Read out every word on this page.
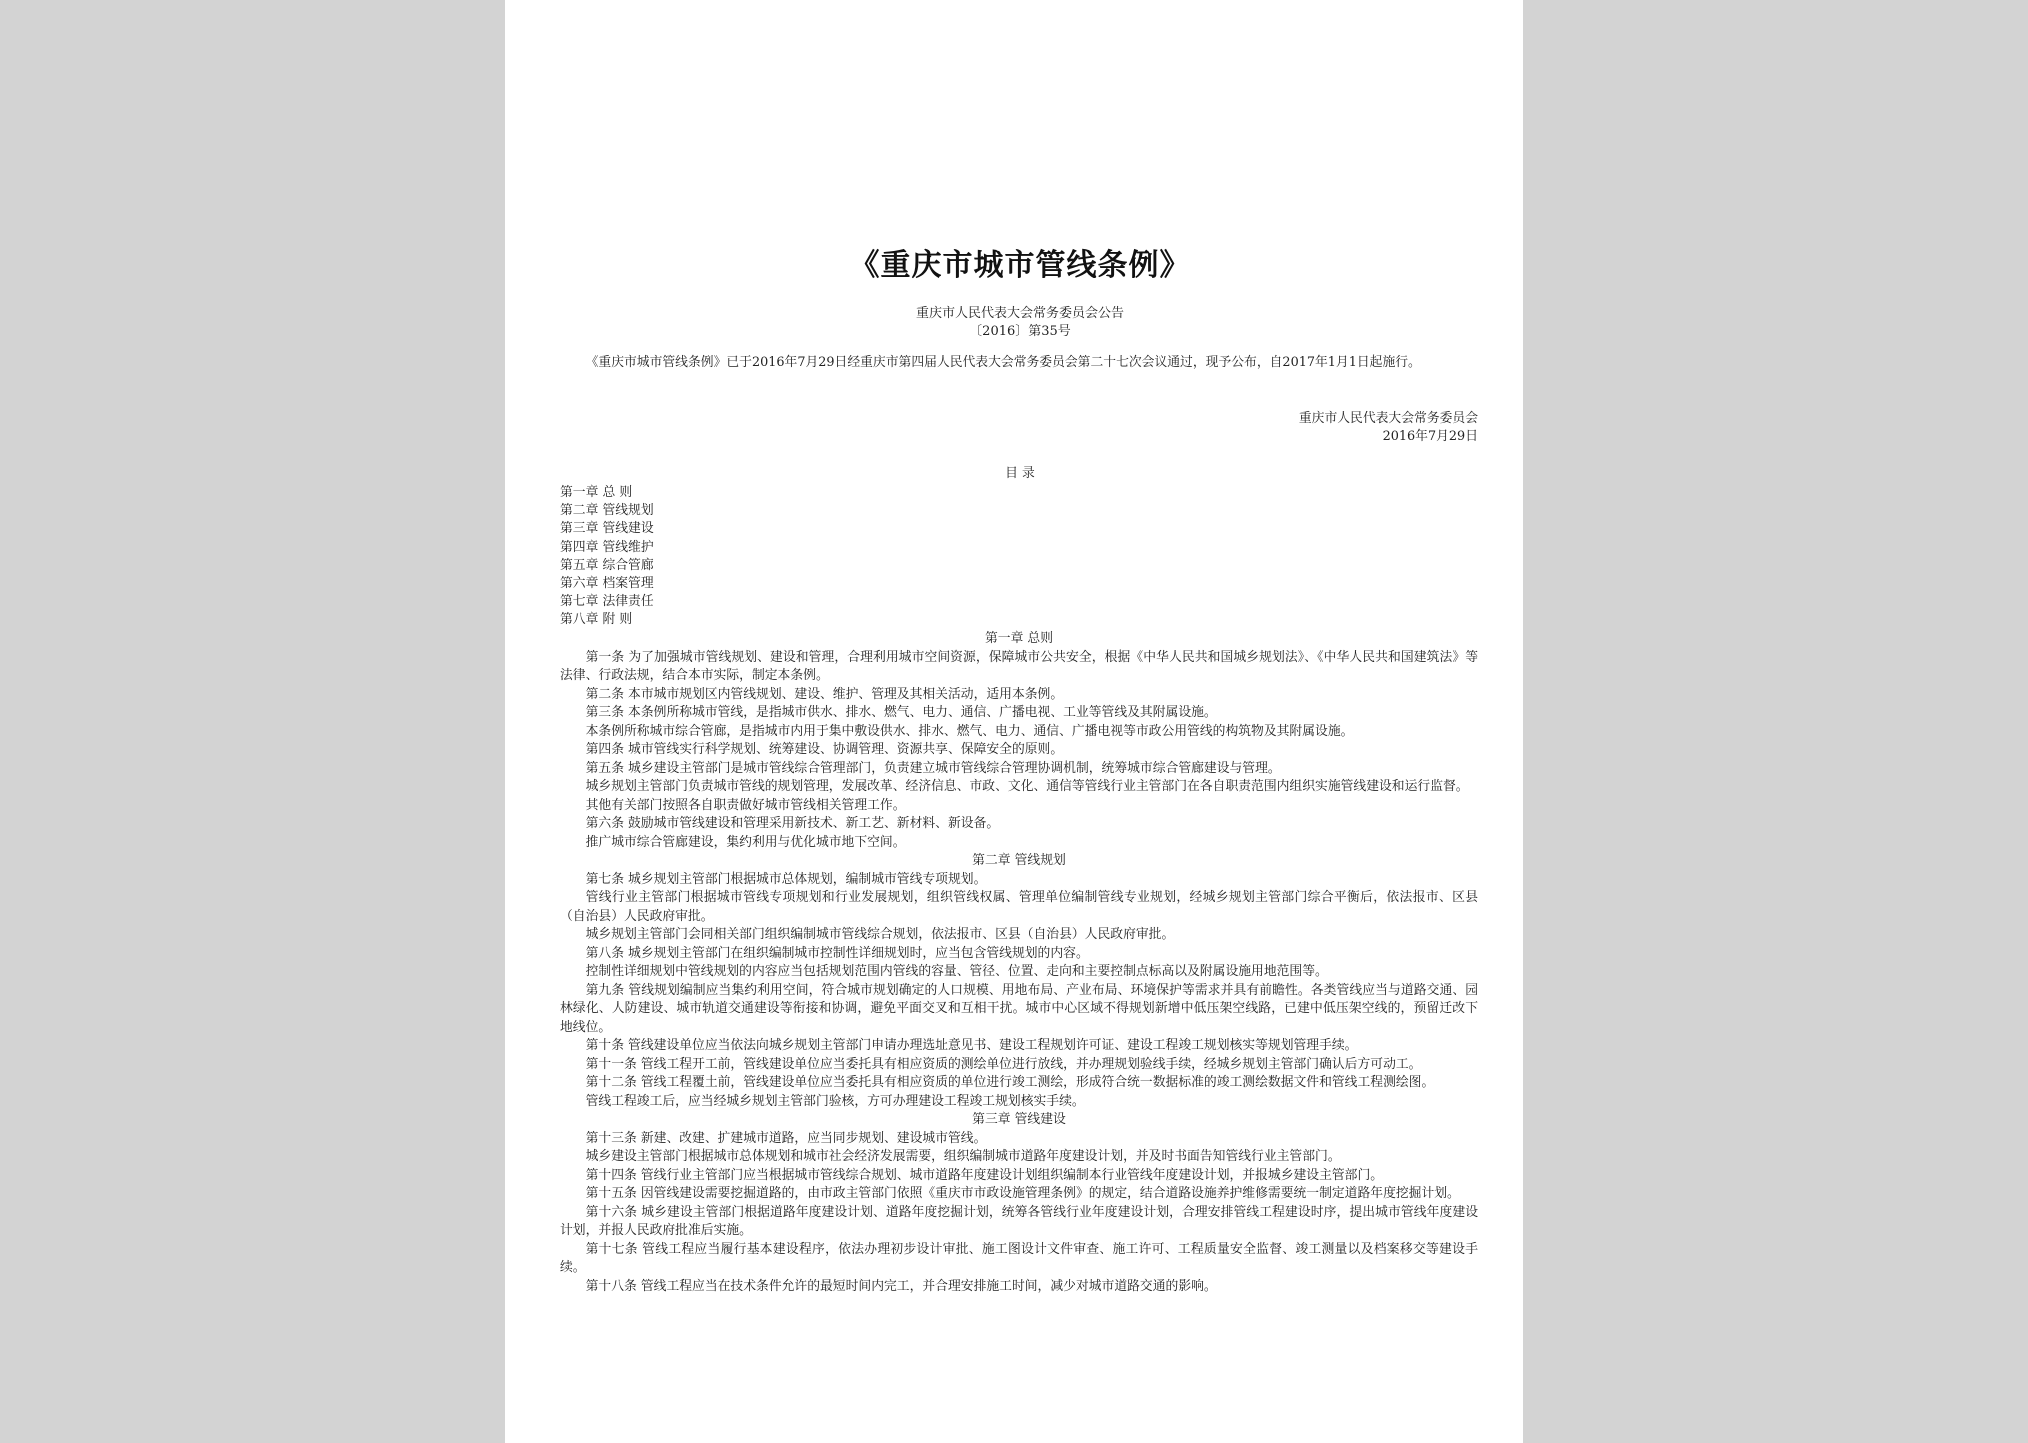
《重庆市城市管线条例》
重庆市人民代表大会常务委员会公告
〔2016〕第35号

《重庆市城市管线条例》已于2016年7月29日经重庆市第四届人民代表大会常务委员会第二十七次会议通过，现予公布，自2017年1月1日起施行。

重庆市人民代表大会常务委员会
2016年7月29日
目 录
第一章 总 则
第二章 管线规划
第三章 管线建设
第四章 管线维护
第五章 综合管廊
第六章 档案管理
第七章 法律责任
第八章 附 则

第一章 总则

第一条 为了加强城市管线规划、建设和管理，合理利用城市空间资源，保障城市公共安全，根据《中华人民共和国城乡规划法》、《中华人民共和国建筑法》等法律、行政法规，结合本市实际，制定本条例。

第二条 本市城市规划区内管线规划、建设、维护、管理及其相关活动，适用本条例。

第三条 本条例所称城市管线，是指城市供水、排水、燃气、电力、通信、广播电视、工业等管线及其附属设施。

本条例所称城市综合管廊，是指城市内用于集中敷设供水、排水、燃气、电力、通信、广播电视等市政公用管线的构筑物及其附属设施。

第四条 城市管线实行科学规划、统筹建设、协调管理、资源共享、保障安全的原则。

第五条 城乡建设主管部门是城市管线综合管理部门，负责建立城市管线综合管理协调机制，统筹城市综合管廊建设与管理。

城乡规划主管部门负责城市管线的规划管理，发展改革、经济信息、市政、文化、通信等管线行业主管部门在各自职责范围内组织实施管线建设和运行监督。

其他有关部门按照各自职责做好城市管线相关管理工作。

第六条 鼓励城市管线建设和管理采用新技术、新工艺、新材料、新设备。

推广城市综合管廊建设，集约利用与优化城市地下空间。

第二章 管线规划

第七条 城乡规划主管部门根据城市总体规划，编制城市管线专项规划。

管线行业主管部门根据城市管线专项规划和行业发展规划，组织管线权属、管理单位编制管线专业规划，经城乡规划主管部门综合平衡后，依法报市、区县（自治县）人民政府审批。

城乡规划主管部门会同相关部门组织编制城市管线综合规划，依法报市、区县（自治县）人民政府审批。

第八条 城乡规划主管部门在组织编制城市控制性详细规划时，应当包含管线规划的内容。

控制性详细规划中管线规划的内容应当包括规划范围内管线的容量、管径、位置、走向和主要控制点标高以及附属设施用地范围等。

第九条 管线规划编制应当集约利用空间，符合城市规划确定的人口规模、用地布局、产业布局、环境保护等需求并具有前瞻性。各类管线应当与道路交通、园林绿化、人防建设、城市轨道交通建设等衔接和协调，避免平面交叉和互相干扰。城市中心区域不得规划新增中低压架空线路，已建中低压架空线的，预留迁改下地线位。

第十条 管线建设单位应当依法向城乡规划主管部门申请办理选址意见书、建设工程规划许可证、建设工程竣工规划核实等规划管理手续。

第十一条 管线工程开工前，管线建设单位应当委托具有相应资质的测绘单位进行放线，并办理规划验线手续，经城乡规划主管部门确认后方可动工。

第十二条 管线工程覆土前，管线建设单位应当委托具有相应资质的单位进行竣工测绘，形成符合统一数据标准的竣工测绘数据文件和管线工程测绘图。

管线工程竣工后，应当经城乡规划主管部门验核，方可办理建设工程竣工规划核实手续。

第三章 管线建设

第十三条 新建、改建、扩建城市道路，应当同步规划、建设城市管线。

城乡建设主管部门根据城市总体规划和城市社会经济发展需要，组织编制城市道路年度建设计划，并及时书面告知管线行业主管部门。

第十四条 管线行业主管部门应当根据城市管线综合规划、城市道路年度建设计划组织编制本行业管线年度建设计划，并报城乡建设主管部门。

第十五条 因管线建设需要挖掘道路的，由市政主管部门依照《重庆市市政设施管理条例》的规定，结合道路设施养护维修需要统一制定道路年度挖掘计划。

第十六条 城乡建设主管部门根据道路年度建设计划、道路年度挖掘计划，统筹各管线行业年度建设计划，合理安排管线工程建设时序，提出城市管线年度建设计划，并报人民政府批准后实施。

第十七条 管线工程应当履行基本建设程序，依法办理初步设计审批、施工图设计文件审查、施工许可、工程质量安全监督、竣工测量以及档案移交等建设手续。

第十八条 管线工程应当在技术条件允许的最短时间内完工，并合理安排施工时间，减少对城市道路交通的影响。
